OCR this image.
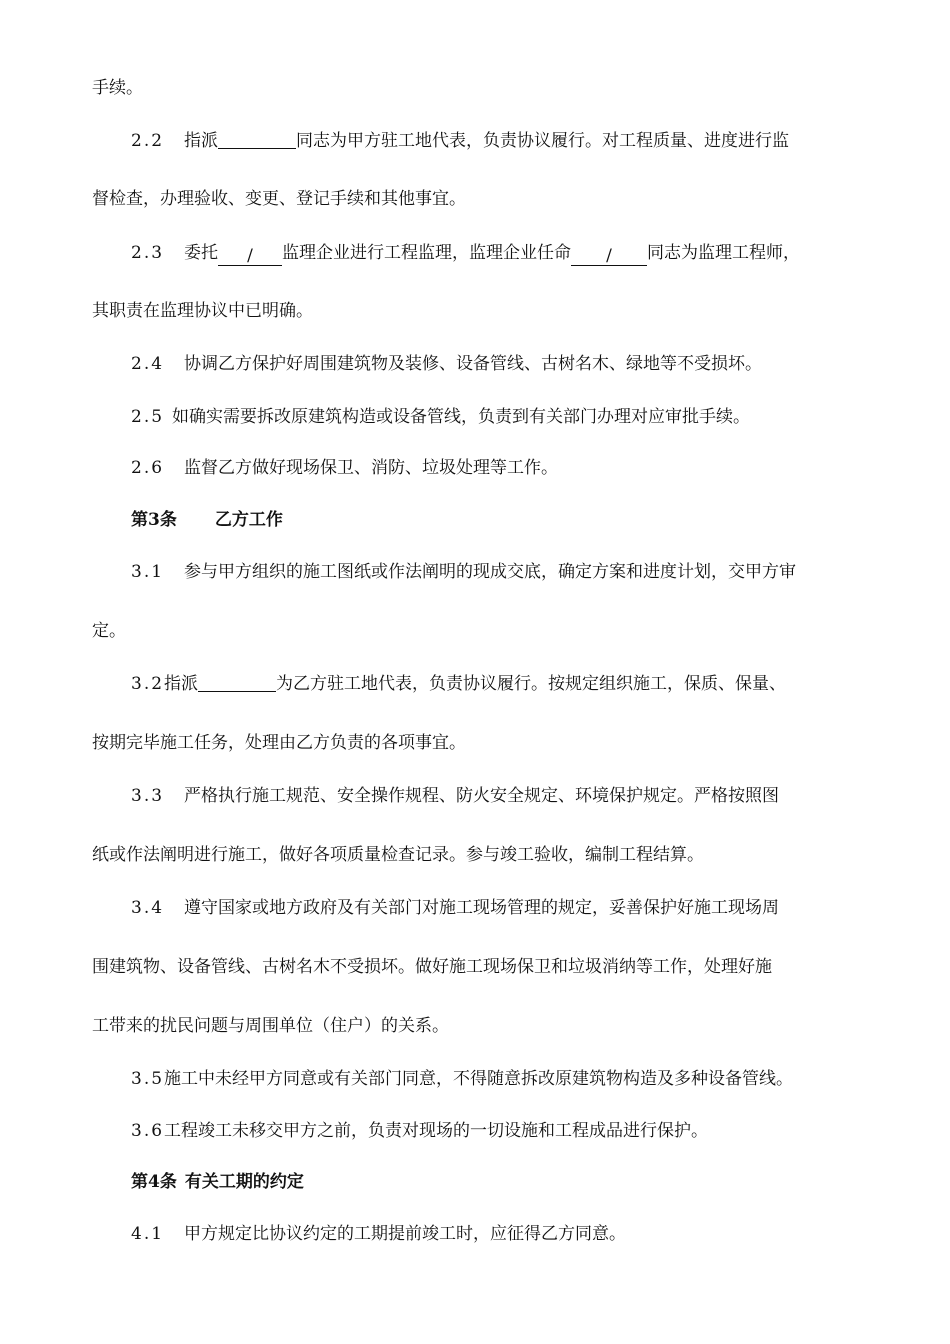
手续。
2.2 指派	同志为甲方驻工地代表，负责协议履行。对工程质量、进度进行监
督检查，办理验收、变更、登记手续和其他事宜。
2.3 委托 / 监理企业进行工程监理，监理企业任命 / 同志为监理工程师，
其职责在监理协议中已明确。
2.4 协调乙方保护好周围建筑物及装修、设备管线、古树名木、绿地等不受损坏。
2.5 如确实需要拆改原建筑构造或设备管线，负责到有关部门办理对应审批手续。
2.6 监督乙方做好现场保卫、消防、垃圾处理等工作。
第3条 乙方工作
3.1 参与甲方组织的施工图纸或作法阐明的现成交底，确定方案和进度计划，交甲方审
定。
3.2指派	为乙方驻工地代表，负责协议履行。按规定组织施工，保质、保量、
按期完毕施工任务，处理由乙方负责的各项事宜。
3.3 严格执行施工规范、安全操作规程、防火安全规定、环境保护规定。严格按照图
纸或作法阐明进行施工，做好各项质量检查记录。参与竣工验收，编制工程结算。
3.4 遵守国家或地方政府及有关部门对施工现场管理的规定，妥善保护好施工现场周
围建筑物、设备管线、古树名木不受损坏。做好施工现场保卫和垃圾消纳等工作，处理好施
工带来的扰民问题与周围单位（住户）的关系。
3.5施工中未经甲方同意或有关部门同意，不得随意拆改原建筑物构造及多种设备管线。
3.6工程竣工未移交甲方之前，负责对现场的一切设施和工程成品进行保护。
第4条 有关工期的约定
4.1 甲方规定比协议约定的工期提前竣工时，应征得乙方同意。
